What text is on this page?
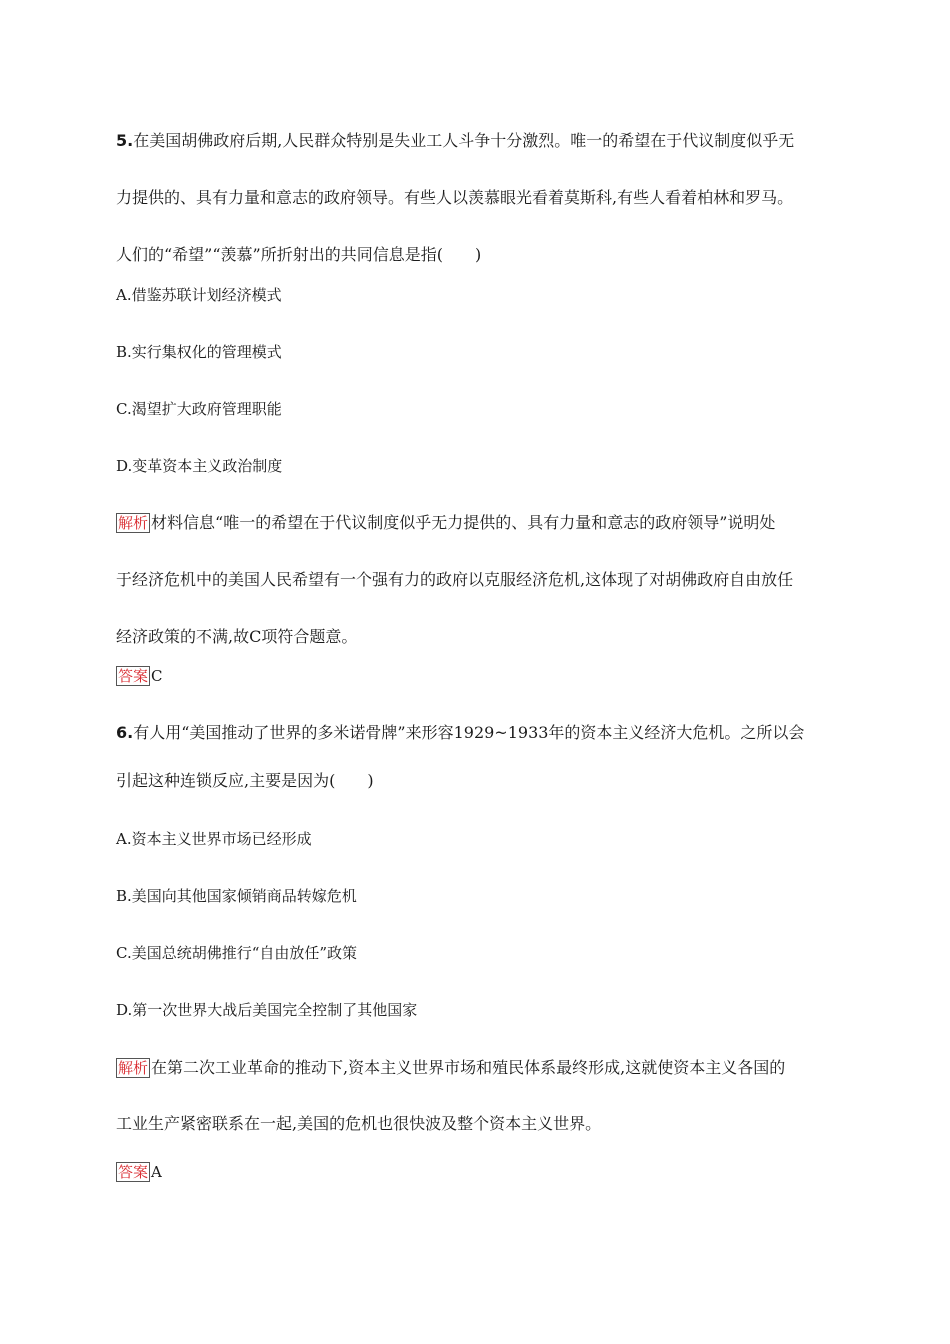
5.在美国胡佛政府后期,人民群众特别是失业工人斗争十分激烈。唯一的希望在于代议制度似乎无
力提供的、具有力量和意志的政府领导。有些人以羡慕眼光看着莫斯科,有些人看着柏林和罗马。
人们的“希望”“羡慕”所折射出的共同信息是指(　　)
A.借鉴苏联计划经济模式
B.实行集权化的管理模式
C.渴望扩大政府管理职能
D.变革资本主义政治制度
解析 材料信息“唯一的希望在于代议制度似乎无力提供的、具有力量和意志的政府领导”说明处
于经济危机中的美国人民希望有一个强有力的政府以克服经济危机,这体现了对胡佛政府自由放任
经济政策的不满,故C项符合题意。
答案 C
6.有人用“美国推动了世界的多米诺骨牌”来形容1929~1933年的资本主义经济大危机。之所以会
引起这种连锁反应,主要是因为(　　)
A.资本主义世界市场已经形成
B.美国向其他国家倾销商品转嫁危机
C.美国总统胡佛推行“自由放任”政策
D.第一次世界大战后美国完全控制了其他国家
解析 在第二次工业革命的推动下,资本主义世界市场和殖民体系最终形成,这就使资本主义各国的
工业生产紧密联系在一起,美国的危机也很快波及整个资本主义世界。
答案 A
